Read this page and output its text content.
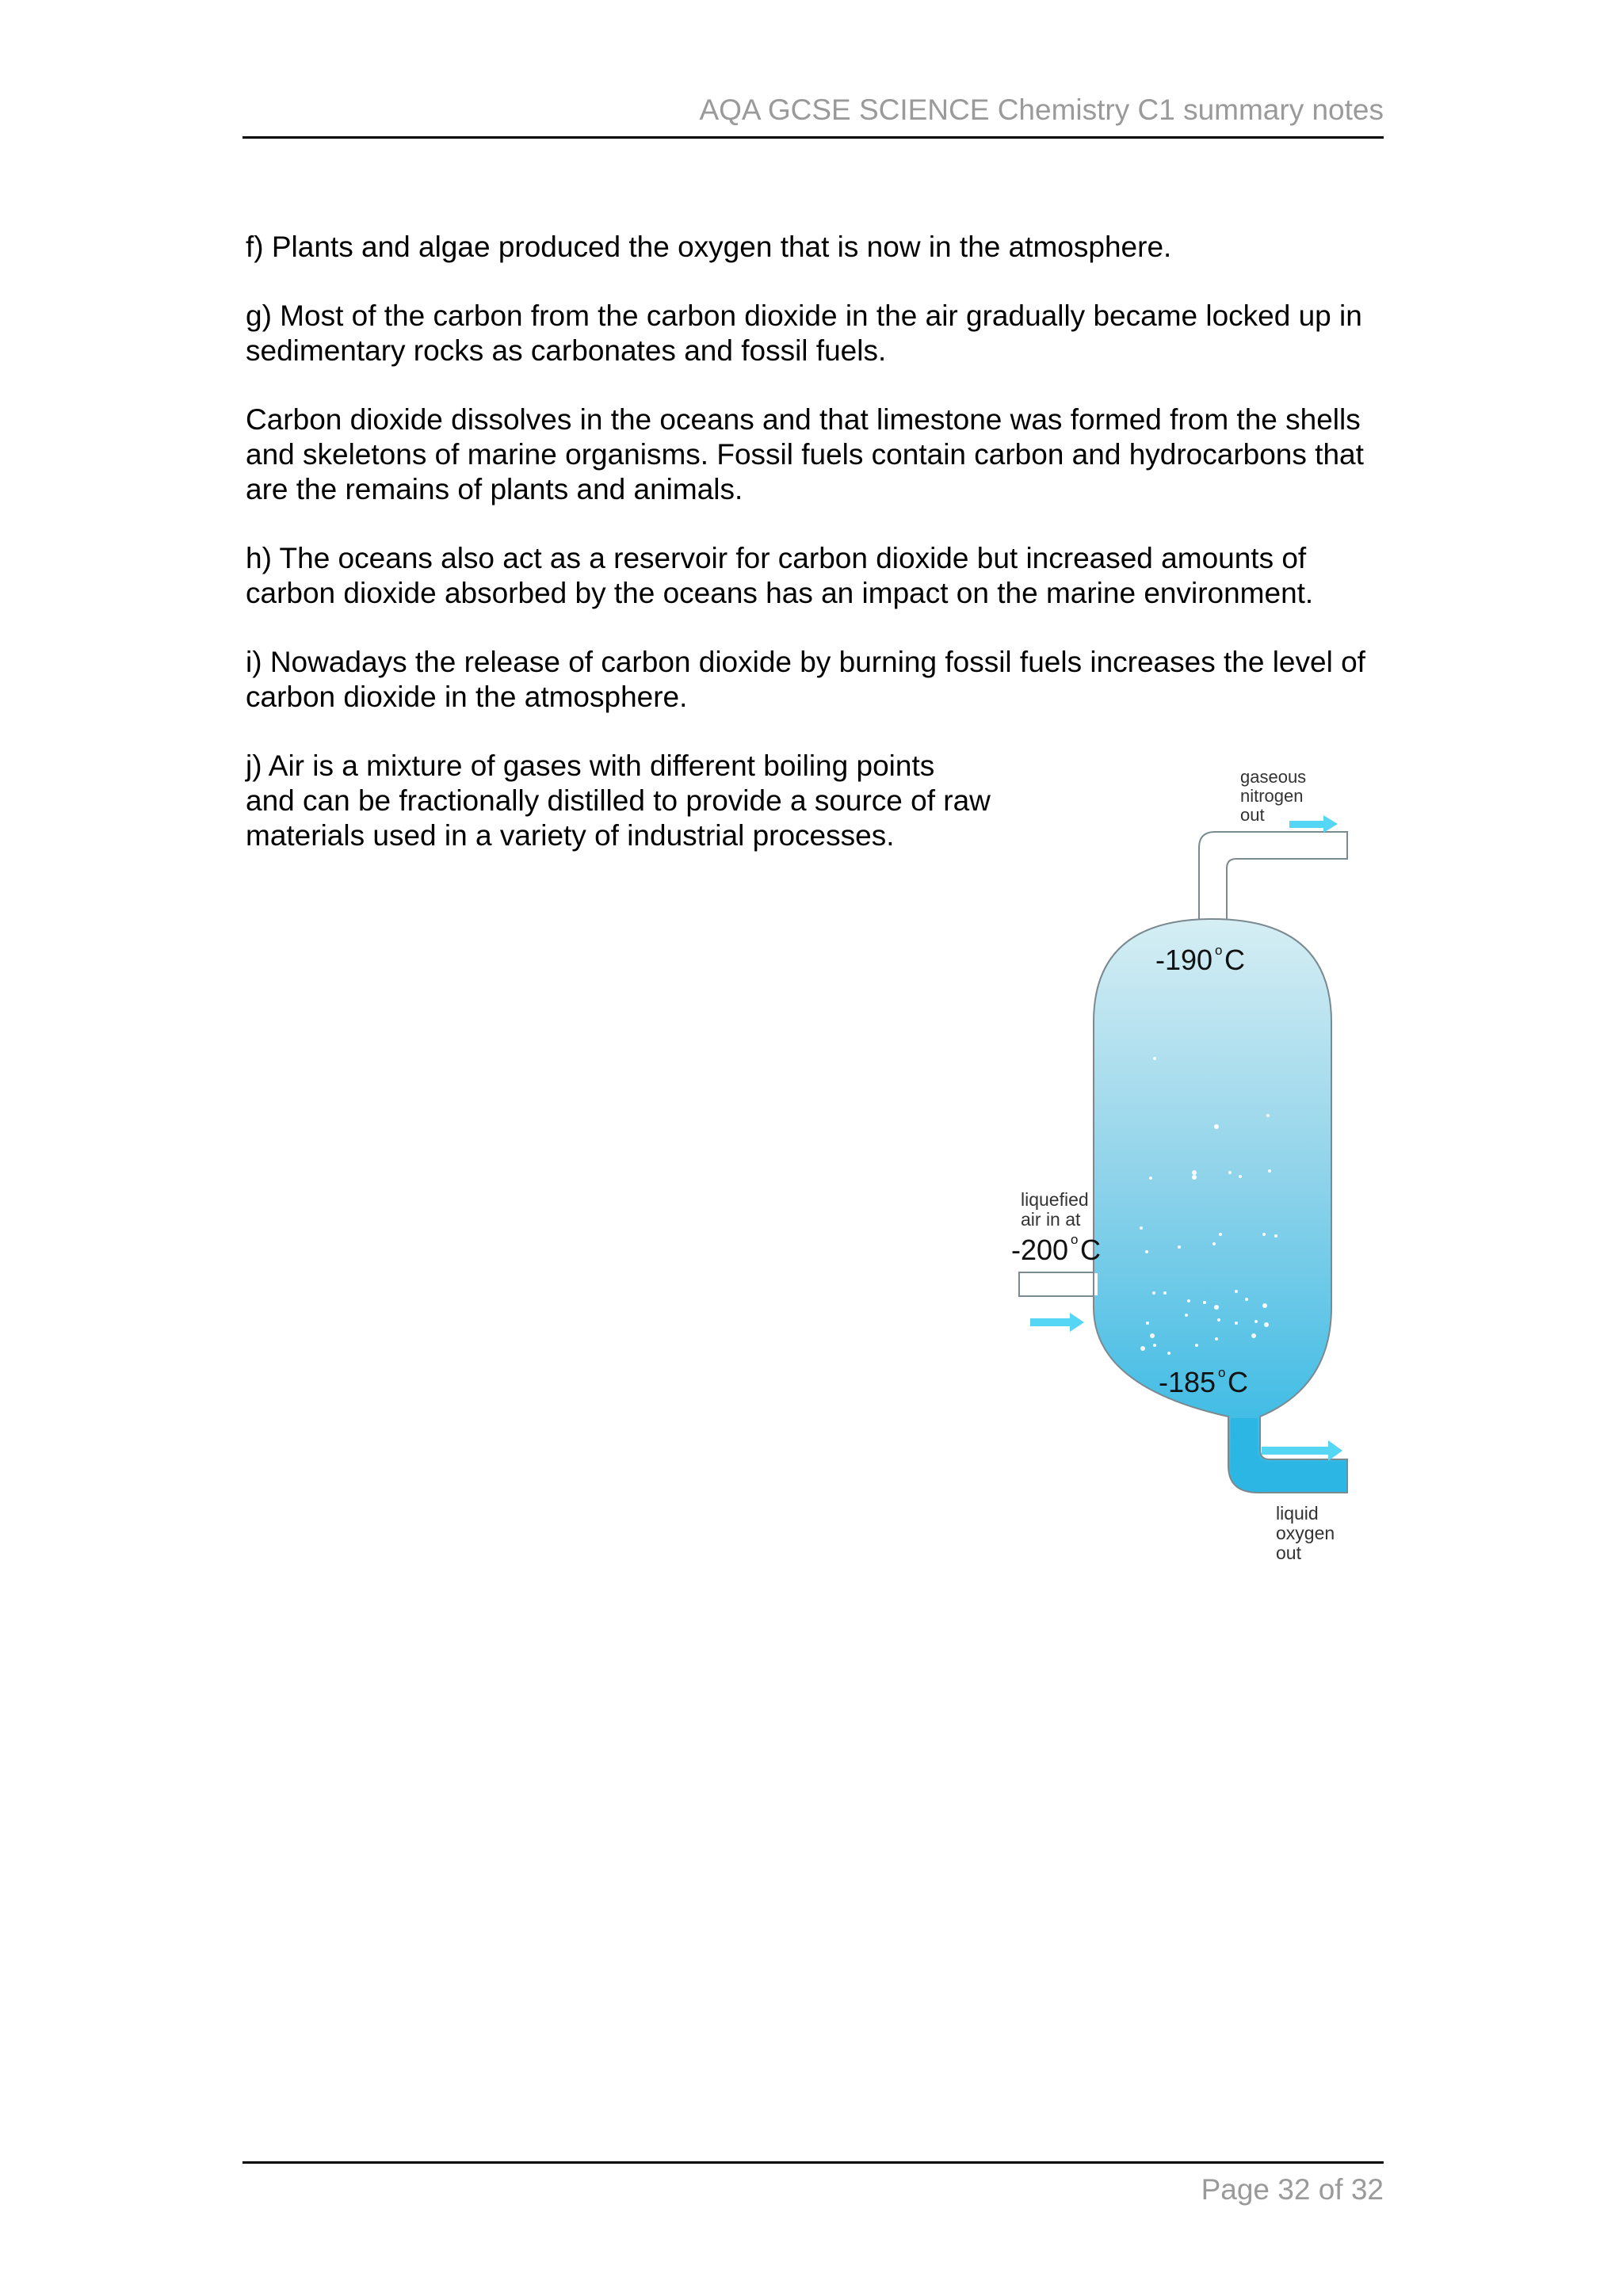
AQA GCSE SCIENCE Chemistry C1 summary notes

f) Plants and algae produced the oxygen that is now in the atmosphere.

g) Most of the carbon from the carbon dioxide in the air gradually became locked up in sedimentary rocks as carbonates and fossil fuels.

Carbon dioxide dissolves in the oceans and that limestone was formed from the shells and skeletons of marine organisms. Fossil fuels contain carbon and hydrocarbons that are the remains of plants and animals.

h) The oceans also act as a reservoir for carbon dioxide but increased amounts of carbon dioxide absorbed by the oceans has an impact on the marine environment.

i) Nowadays the release of carbon dioxide by burning fossil fuels increases the level of carbon dioxide in the atmosphere.

j) Air is a mixture of gases with different boiling points and can be fractionally distilled to provide a source of raw materials used in a variety of industrial processes.

gaseous
nitrogen
out
-190 o C
liquefied
air in at
-200 o C
-185 o C
liquid
oxygen
out
Page 32 of 32
